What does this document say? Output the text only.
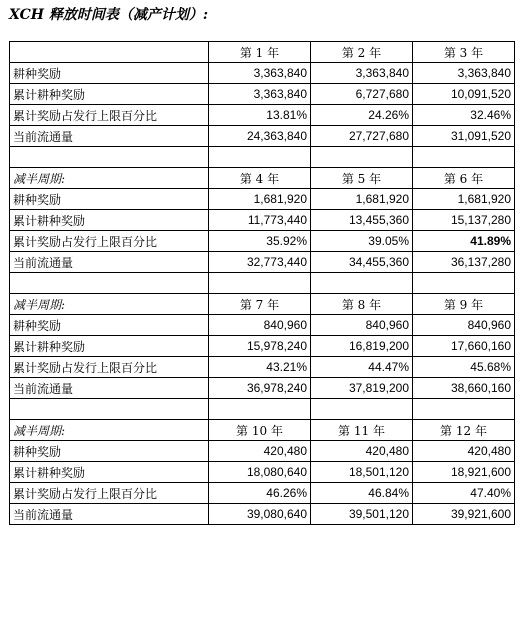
XCH 释放时间表（减产计划）:
	第 1 年	第 2 年	第 3 年
耕种奖励	3,363,840	3,363,840	3,363,840
累计耕种奖励	3,363,840	6,727,680	10,091,520
累计奖励占发行上限百分比	13.81%	24.26%	32.46%
当前流通量	24,363,840	27,727,680	31,091,520

减半周期:	第 4 年	第 5 年	第 6 年
耕种奖励	1,681,920	1,681,920	1,681,920
累计耕种奖励	11,773,440	13,455,360	15,137,280
累计奖励占发行上限百分比	35.92%	39.05%	41.89%
当前流通量	32,773,440	34,455,360	36,137,280

减半周期:	第 7 年	第 8 年	第 9 年
耕种奖励	840,960	840,960	840,960
累计耕种奖励	15,978,240	16,819,200	17,660,160
累计奖励占发行上限百分比	43.21%	44.47%	45.68%
当前流通量	36,978,240	37,819,200	38,660,160

减半周期:	第 10 年	第 11 年	第 12 年
耕种奖励	420,480	420,480	420,480
累计耕种奖励	18,080,640	18,501,120	18,921,600
累计奖励占发行上限百分比	46.26%	46.84%	47.40%
当前流通量	39,080,640	39,501,120	39,921,600
